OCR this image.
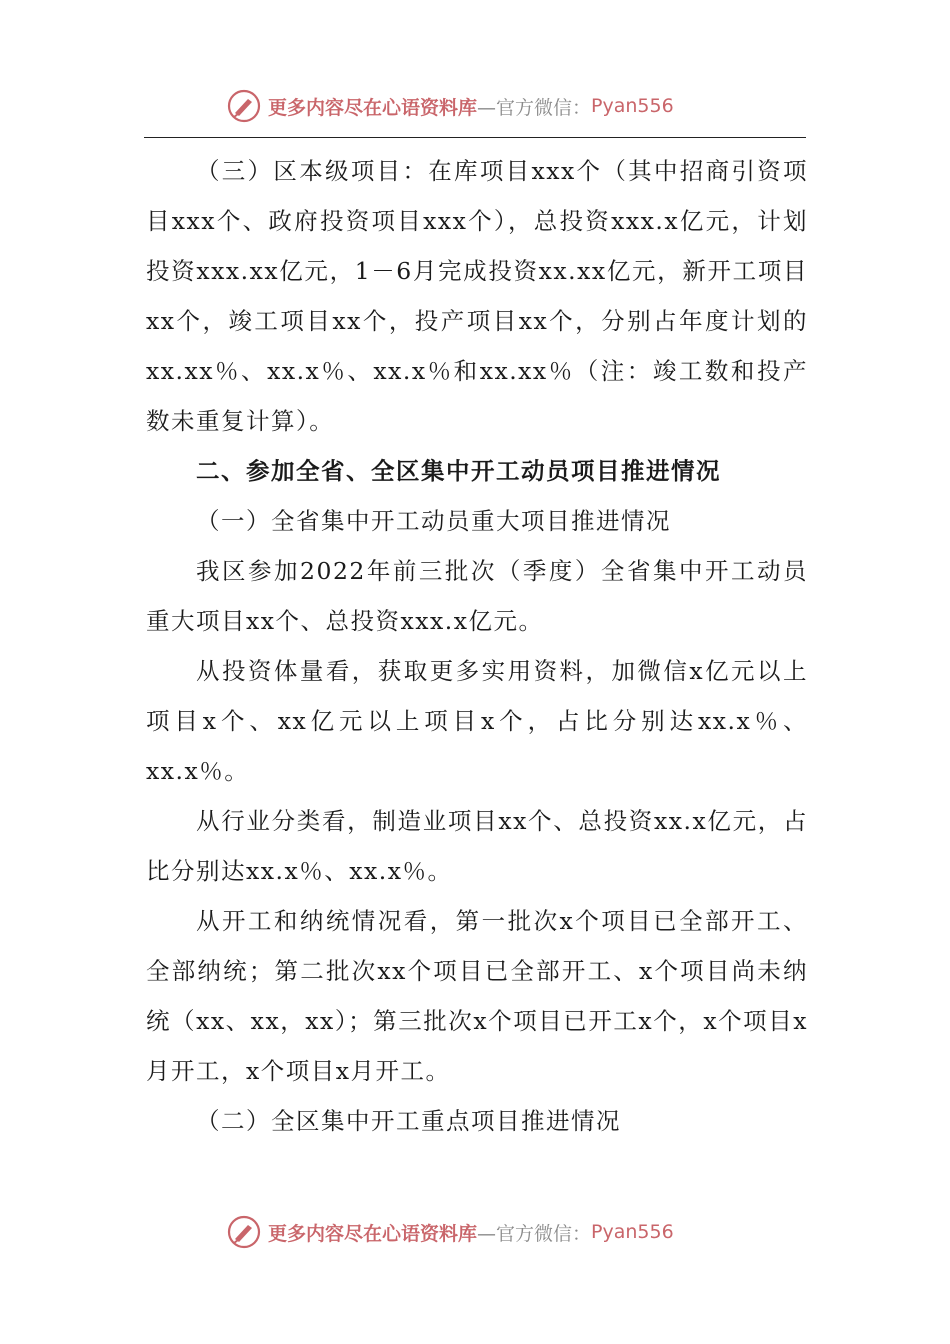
更多内容尽在心语资料库 —官方微信： Pyan556

（三）区本级项目：在库项目xxx个（其中招商引资项目xxx个、政府投资项目xxx个），总投资xxx.x亿元，计划投资xxx.xx亿元，1－6月完成投资xx.xx亿元，新开工项目xx个，竣工项目xx个，投产项目xx个，分别占年度计划的xx.xx％、xx.x％、xx.x％和xx.xx％（注：竣工数和投产数未重复计算）。

二、参加全省、全区集中开工动员项目推进情况

（一）全省集中开工动员重大项目推进情况

我区参加2022年前三批次（季度）全省集中开工动员重大项目xx个、总投资xxx.x亿元。

从投资体量看，获取更多实用资料，加微信x亿元以上项目x个、xx亿元以上项目x个，占比分别达xx.x％、xx.x％。

从行业分类看，制造业项目xx个、总投资xx.x亿元，占比分别达xx.x％、xx.x％。

从开工和纳统情况看，第一批次x个项目已全部开工、全部纳统；第二批次xx个项目已全部开工、x个项目尚未纳统（xx、xx，xx）；第三批次x个项目已开工x个，x个项目x月开工，x个项目x月开工。

（二）全区集中开工重点项目推进情况

更多内容尽在心语资料库 —官方微信： Pyan556
